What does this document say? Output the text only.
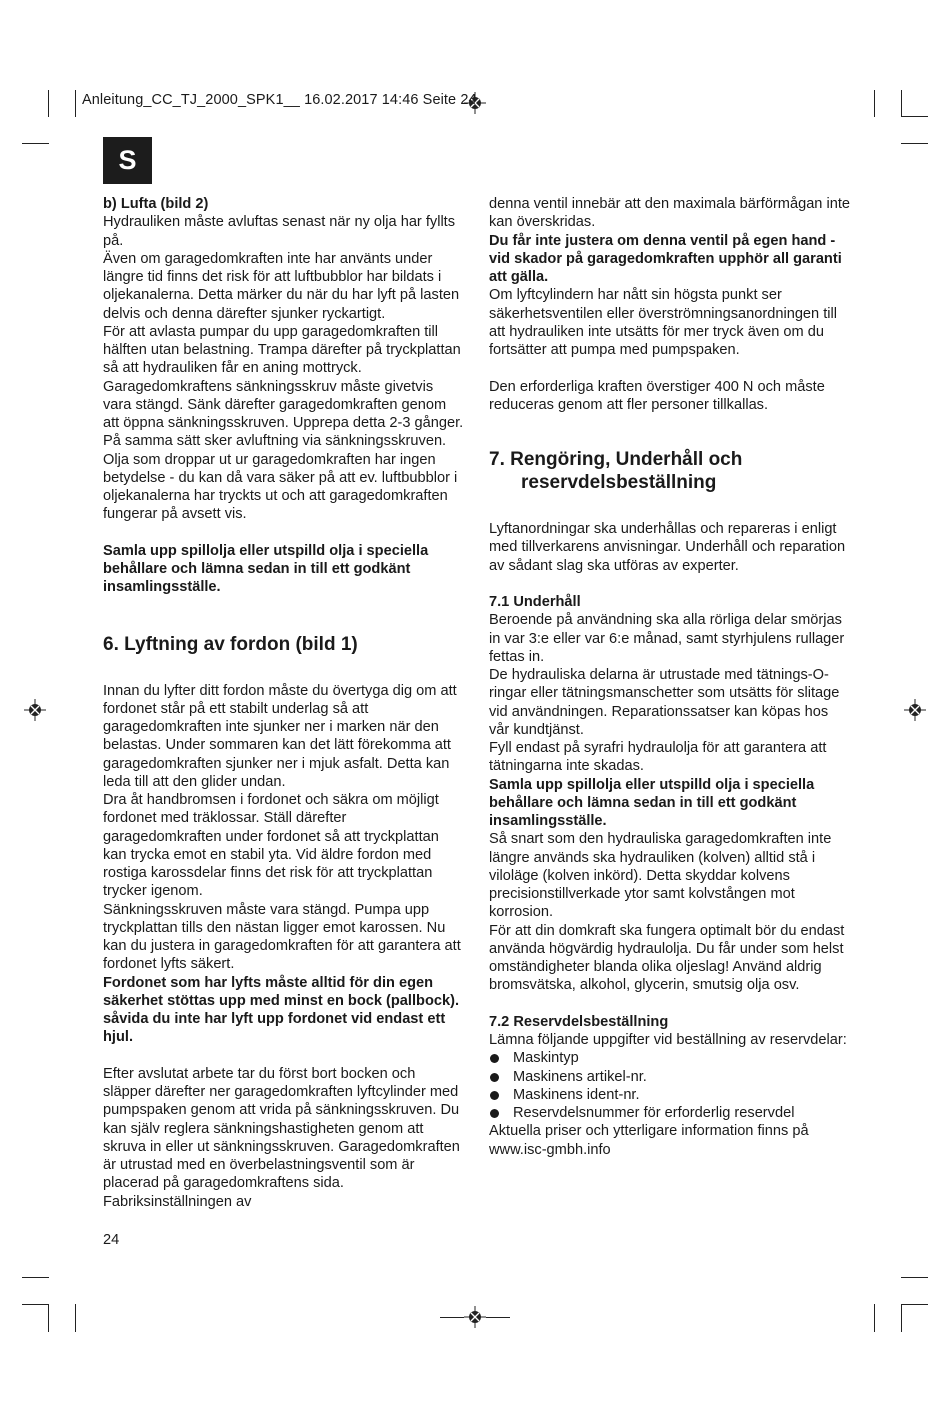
Anleitung_CC_TJ_2000_SPK1__ 16.02.2017 14:46 Seite 24
S

b) Lufta (bild 2)

Hydrauliken måste avluftas senast när ny olja har fyllts på.

Även om garagedomkraften inte har använts under längre tid finns det risk för att luftbubblor har bildats i oljekanalerna. Detta märker du när du har lyft på lasten delvis och denna därefter sjunker ryckartigt.

För att avlasta pumpar du upp garagedomkraften till hälften utan belastning. Trampa därefter på tryckplattan så att hydrauliken får en aning mottryck. Garagedomkraftens sänkningsskruv måste givetvis vara stängd. Sänk därefter garagedomkraften genom att öppna sänkningsskruven. Upprepa detta 2-3 gånger.

På samma sätt sker avluftning via sänkningsskruven. Olja som droppar ut ur garagedomkraften har ingen betydelse - du kan då vara säker på att ev. luftbubblor i oljekanalerna har tryckts ut och att garagedomkraften fungerar på avsett vis.

Samla upp spillolja eller utspilld olja i speciella behållare och lämna sedan in till ett godkänt insamlingsställe.

6. Lyftning av fordon (bild 1)

Innan du lyfter ditt fordon måste du övertyga dig om att fordonet står på ett stabilt underlag så att garagedomkraften inte sjunker ner i marken när den belastas. Under sommaren kan det lätt förekomma att garagedomkraften sjunker ner i mjuk asfalt. Detta kan leda till att den glider undan.

Dra åt handbromsen i fordonet och säkra om möjligt fordonet med träklossar. Ställ därefter garagedomkraften under fordonet så att tryckplattan kan trycka emot en stabil yta. Vid äldre fordon med rostiga karossdelar finns det risk för att tryckplattan trycker igenom.

Sänkningsskruven måste vara stängd. Pumpa upp tryckplattan tills den nästan ligger emot karossen. Nu kan du justera in garagedomkraften för att garantera att fordonet lyfts säkert.

Fordonet som har lyfts måste alltid för din egen säkerhet stöttas upp med minst en bock (pallbock). såvida du inte har lyft upp fordonet vid endast ett hjul.

Efter avslutat arbete tar du först bort bocken och släpper därefter ner garagedomkraften lyftcylinder med pumpspaken genom att vrida på sänkningsskruven. Du kan själv reglera sänkningshastigheten genom att skruva in eller ut sänkningsskruven. Garagedomkraften är utrustad med en överbelastningsventil som är placerad på garagedomkraftens sida. Fabriksinställningen av

24

denna ventil innebär att den maximala bärförmågan inte kan överskridas.

Du får inte justera om denna ventil på egen hand - vid skador på garagedomkraften upphör all garanti att gälla.

Om lyftcylindern har nått sin högsta punkt ser säkerhetsventilen eller överströmningsanordningen till att hydrauliken inte utsätts för mer tryck även om du fortsätter att pumpa med pumpspaken.

Den erforderliga kraften överstiger 400 N och måste reduceras genom att fler personer tillkallas.

7. Rengöring, Underhåll och
reservdelsbeställning

Lyftanordningar ska underhållas och repareras i enligt med tillverkarens anvisningar. Underhåll och reparation av sådant slag ska utföras av experter.

7.1 Underhåll

Beroende på användning ska alla rörliga delar smörjas in var 3:e eller var 6:e månad, samt styrhjulens rullager fettas in.

De hydrauliska delarna är utrustade med tätnings-O-ringar eller tätningsmanschetter som utsätts för slitage vid användningen. Reparationssatser kan köpas hos vår kundtjänst.

Fyll endast på syrafri hydraulolja för att garantera att tätningarna inte skadas.

Samla upp spillolja eller utspilld olja i speciella behållare och lämna sedan in till ett godkänt insamlingsställe.

Så snart som den hydrauliska garagedomkraften inte längre används ska hydrauliken (kolven) alltid stå i viloläge (kolven inkörd). Detta skyddar kolvens precisionstillverkade ytor samt kolvstången mot korrosion.

För att din domkraft ska fungera optimalt bör du endast använda högvärdig hydraulolja. Du får under som helst omständigheter blanda olika oljeslag! Använd aldrig bromsvätska, alkohol, glycerin, smutsig olja osv.

7.2 Reservdelsbeställning

Lämna följande uppgifter vid beställning av reservdelar:

Maskintyp
Maskinens artikel-nr.
Maskinens ident-nr.
Reservdelsnummer för erforderlig reservdel

Aktuella priser och ytterligare information finns på www.isc-gmbh.info
